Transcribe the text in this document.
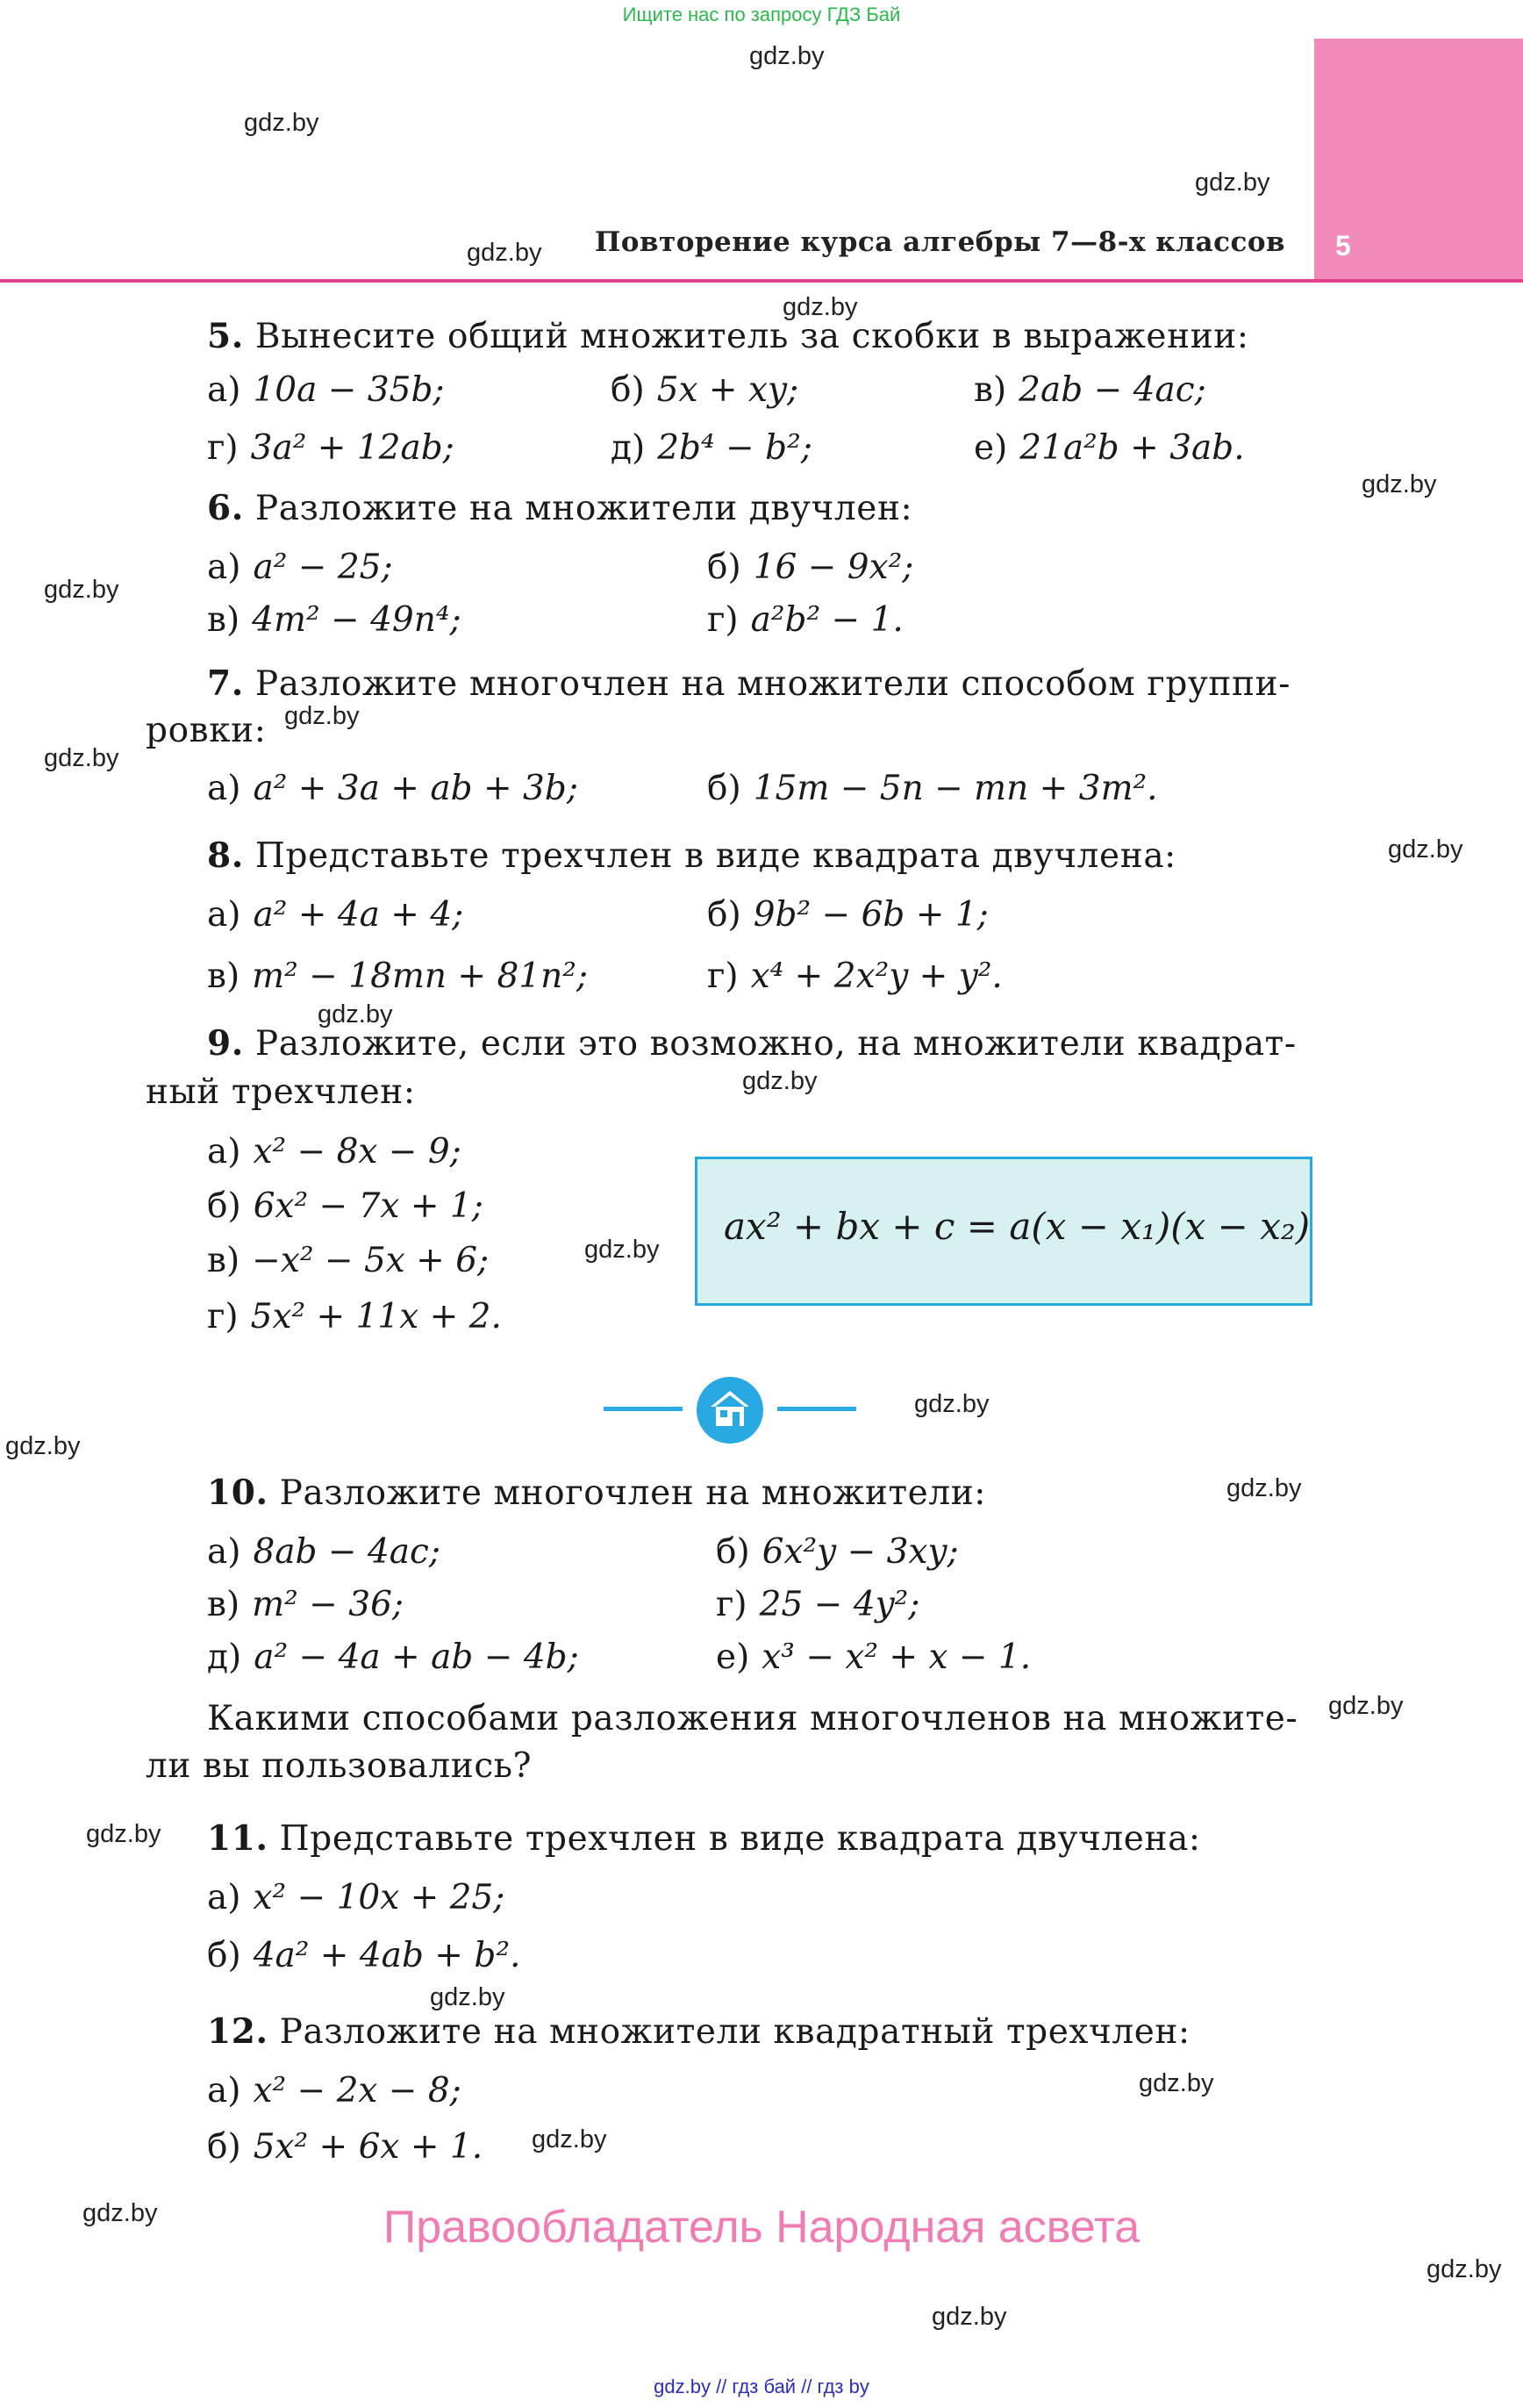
Ищите нас по запросу ГДЗ Бай
5
Повторение курса алгебры 7—8-х классов
5. Вынесите общий множитель за скобки в выражении:
а) 10a − 35b;	б) 5x + xy;	в) 2ab − 4ac;
г) 3a² + 12ab;	д) 2b⁴ − b²;	е) 21a²b + 3ab.
6. Разложите на множители двучлен:
а) a² − 25;	б) 16 − 9x²;
в) 4m² − 49n⁴;	г) a²b² − 1.
7. Разложите многочлен на множители способом группи-
ровки:
а) a² + 3a + ab + 3b;	б) 15m − 5n − mn + 3m².
8. Представьте трехчлен в виде квадрата двучлена:
а) a² + 4a + 4;	б) 9b² − 6b + 1;
в) m² − 18mn + 81n²;	г) x⁴ + 2x²y + y².
9. Разложите, если это возможно, на множители квадрат-
ный трехчлен:
а) x² − 8x − 9;
б) 6x² − 7x + 1;
в) −x² − 5x + 6;
г) 5x² + 11x + 2.
ax² + bx + c = a(x − x₁)(x − x₂)
10. Разложите многочлен на множители:
а) 8ab − 4ac;	б) 6x²y − 3xy;
в) m² − 36;	г) 25 − 4y²;
д) a² − 4a + ab − 4b;	е) x³ − x² + x − 1.
Какими способами разложения многочленов на множите-
ли вы пользовались?
11. Представьте трехчлен в виде квадрата двучлена:
а) x² − 10x + 25;
б) 4a² + 4ab + b².
12. Разложите на множители квадратный трехчлен:
а) x² − 2x − 8;
б) 5x² + 6x + 1.
Правообладатель Народная асвета
gdz.by // гдз бай // гдз by
gdz.by
gdz.by
gdz.by
gdz.by
gdz.by
gdz.by
gdz.by
gdz.by
gdz.by
gdz.by
gdz.by
gdz.by
gdz.by
gdz.by
gdz.by
gdz.by
gdz.by
gdz.by
gdz.by
gdz.by
gdz.by
gdz.by
gdz.by
gdz.by
